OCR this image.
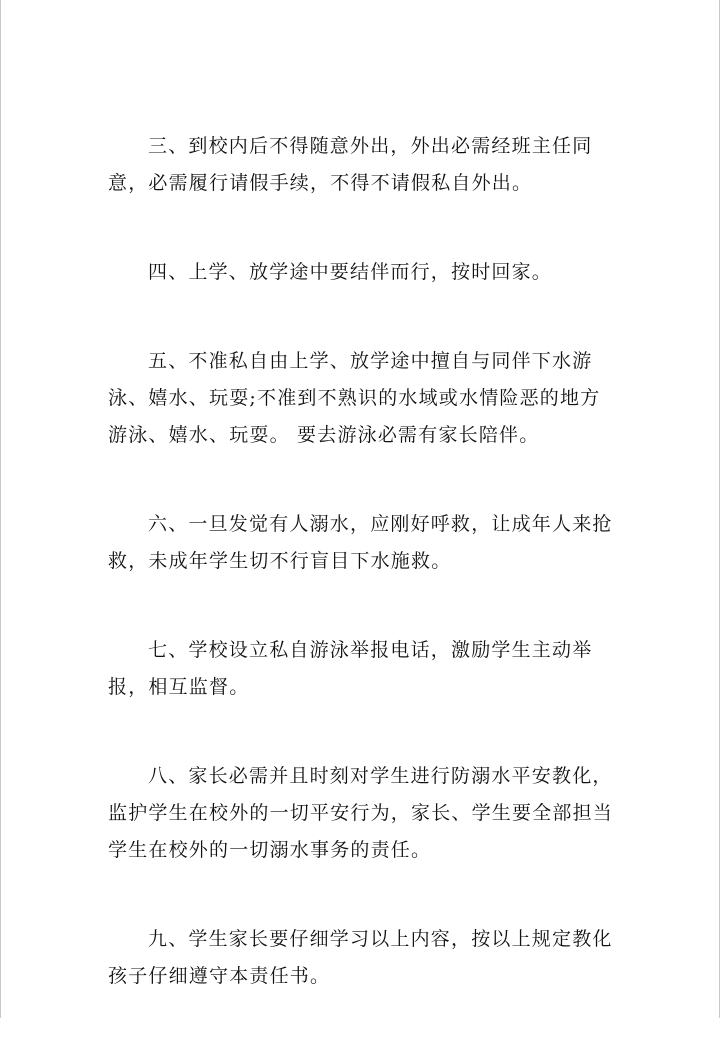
三、到校内后不得随意外出，外出必需经班主任同意，必需履行请假手续，不得不请假私自外出。

四、上学、放学途中要结伴而行，按时回家。

五、不准私自由上学、放学途中擅自与同伴下水游泳、嬉水、玩耍;不准到不熟识的水域或水情险恶的地方游泳、嬉水、玩耍。 要去游泳必需有家长陪伴。

六、一旦发觉有人溺水，应刚好呼救，让成年人来抢救，未成年学生切不行盲目下水施救。

七、学校设立私自游泳举报电话，激励学生主动举报，相互监督。

八、家长必需并且时刻对学生进行防溺水平安教化，监护学生在校外的一切平安行为，家长、学生要全部担当学生在校外的一切溺水事务的责任。

九、学生家长要仔细学习以上内容，按以上规定教化孩子仔细遵守本责任书。
